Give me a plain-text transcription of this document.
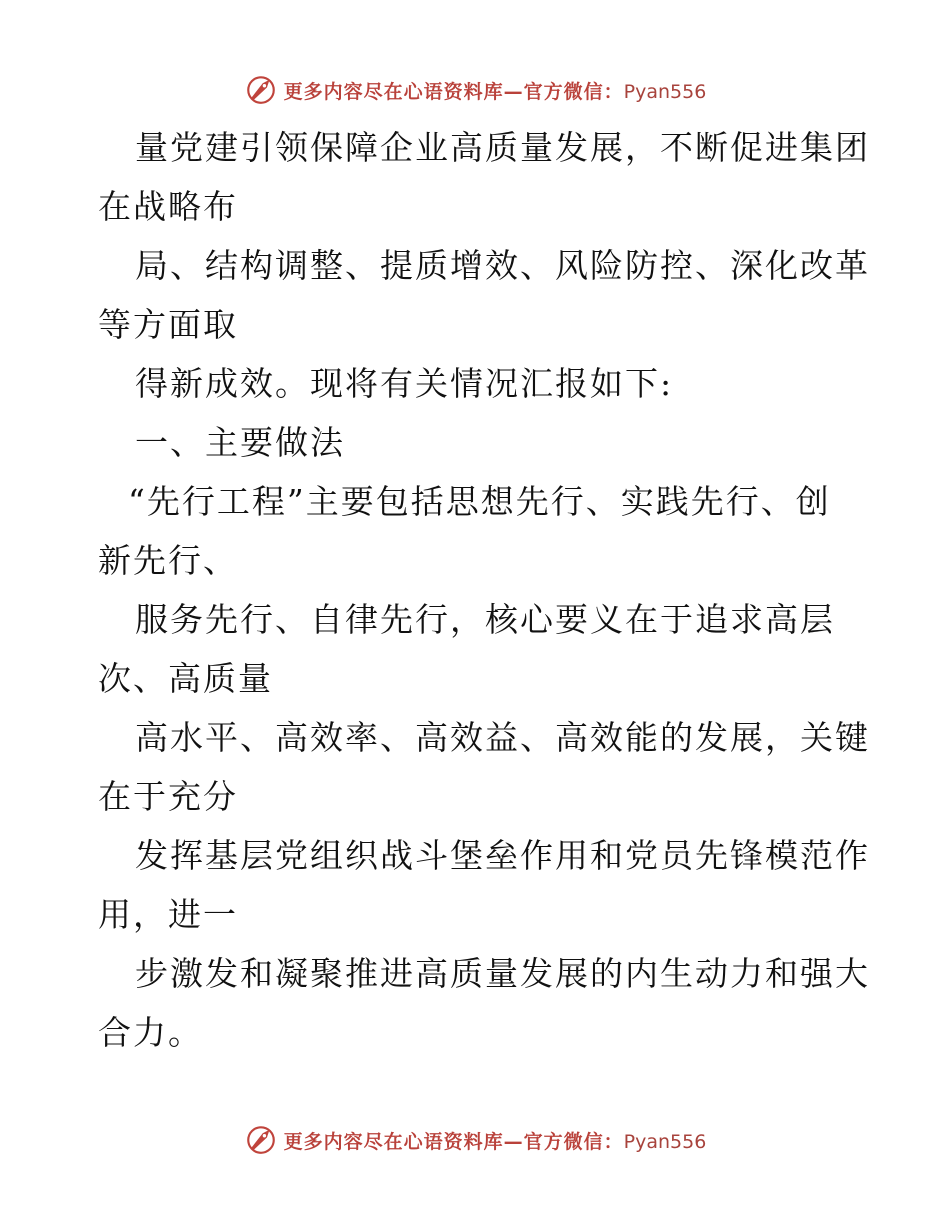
更多内容尽在心语资料库—官方微信：Pyan556
量党建引领保障企业高质量发展，不断促进集团
在战略布
局、结构调整、提质增效、风险防控、深化改革
等方面取
得新成效。现将有关情况汇报如下:
一、主要做法
“先行工程”主要包括思想先行、实践先行、创
新先行、
服务先行、自律先行，核心要义在于追求高层
次、高质量
高水平、高效率、高效益、高效能的发展，关键
在于充分
发挥基层党组织战斗堡垒作用和党员先锋模范作
用，进一
步激发和凝聚推进高质量发展的内生动力和强大
合力。
更多内容尽在心语资料库—官方微信：Pyan556
